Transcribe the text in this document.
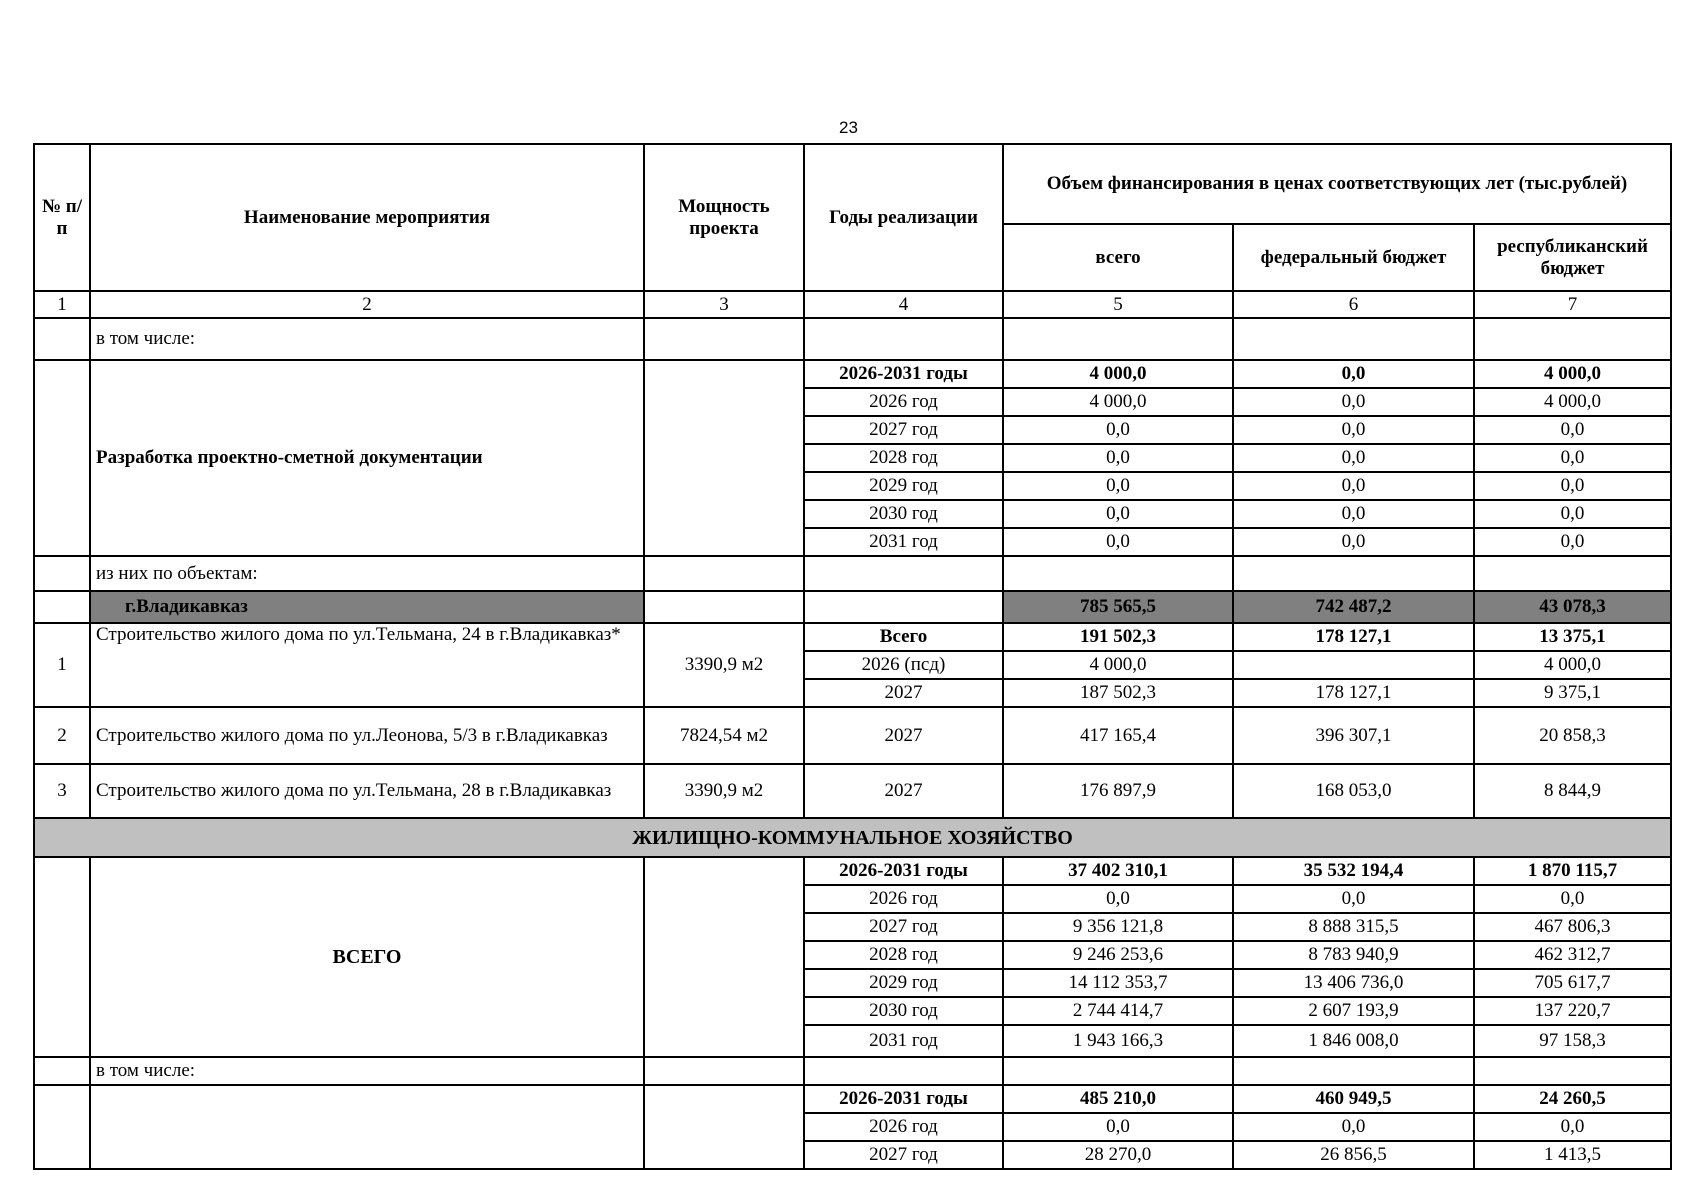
23
№ п/п	Наименование мероприятия	Мощность проекта	Годы реализации	Объем финансирования в ценах соответствующих лет (тыс.рублей)		
				всего	федеральный бюджет	республиканский бюджет
1	2	3	4	5	6	7
	в том числе:					
	Разработка проектно-сметной документации		2026-2031 годы	4 000,0	0,0	4 000,0
			2026 год	4 000,0	0,0	4 000,0
			2027 год	0,0	0,0	0,0
			2028 год	0,0	0,0	0,0
			2029 год	0,0	0,0	0,0
			2030 год	0,0	0,0	0,0
			2031 год	0,0	0,0	0,0
	из них по объектам:					
	г.Владикавказ			785 565,5	742 487,2	43 078,3
1	Строительство жилого дома по ул.Тельмана, 24 в г.Владикавказ*	3390,9 м2	Всего	191 502,3	178 127,1	13 375,1
			2026 (псд)	4 000,0		4 000,0
			2027	187 502,3	178 127,1	9 375,1
2	Строительство жилого дома по ул.Леонова, 5/3 в г.Владикавказ	7824,54 м2	2027	417 165,4	396 307,1	20 858,3
3	Строительство жилого дома по ул.Тельмана, 28 в г.Владикавказ	3390,9 м2	2027	176 897,9	168 053,0	8 844,9
ЖИЛИЩНО-КОММУНАЛЬНОЕ ХОЗЯЙСТВО						
	ВСЕГО		2026-2031 годы	37 402 310,1	35 532 194,4	1 870 115,7
			2026 год	0,0	0,0	0,0
			2027 год	9 356 121,8	8 888 315,5	467 806,3
			2028 год	9 246 253,6	8 783 940,9	462 312,7
			2029 год	14 112 353,7	13 406 736,0	705 617,7
			2030 год	2 744 414,7	2 607 193,9	137 220,7
			2031 год	1 943 166,3	1 846 008,0	97 158,3
	в том числе:					
			2026-2031 годы	485 210,0	460 949,5	24 260,5
			2026 год	0,0	0,0	0,0
			2027 год	28 270,0	26 856,5	1 413,5
